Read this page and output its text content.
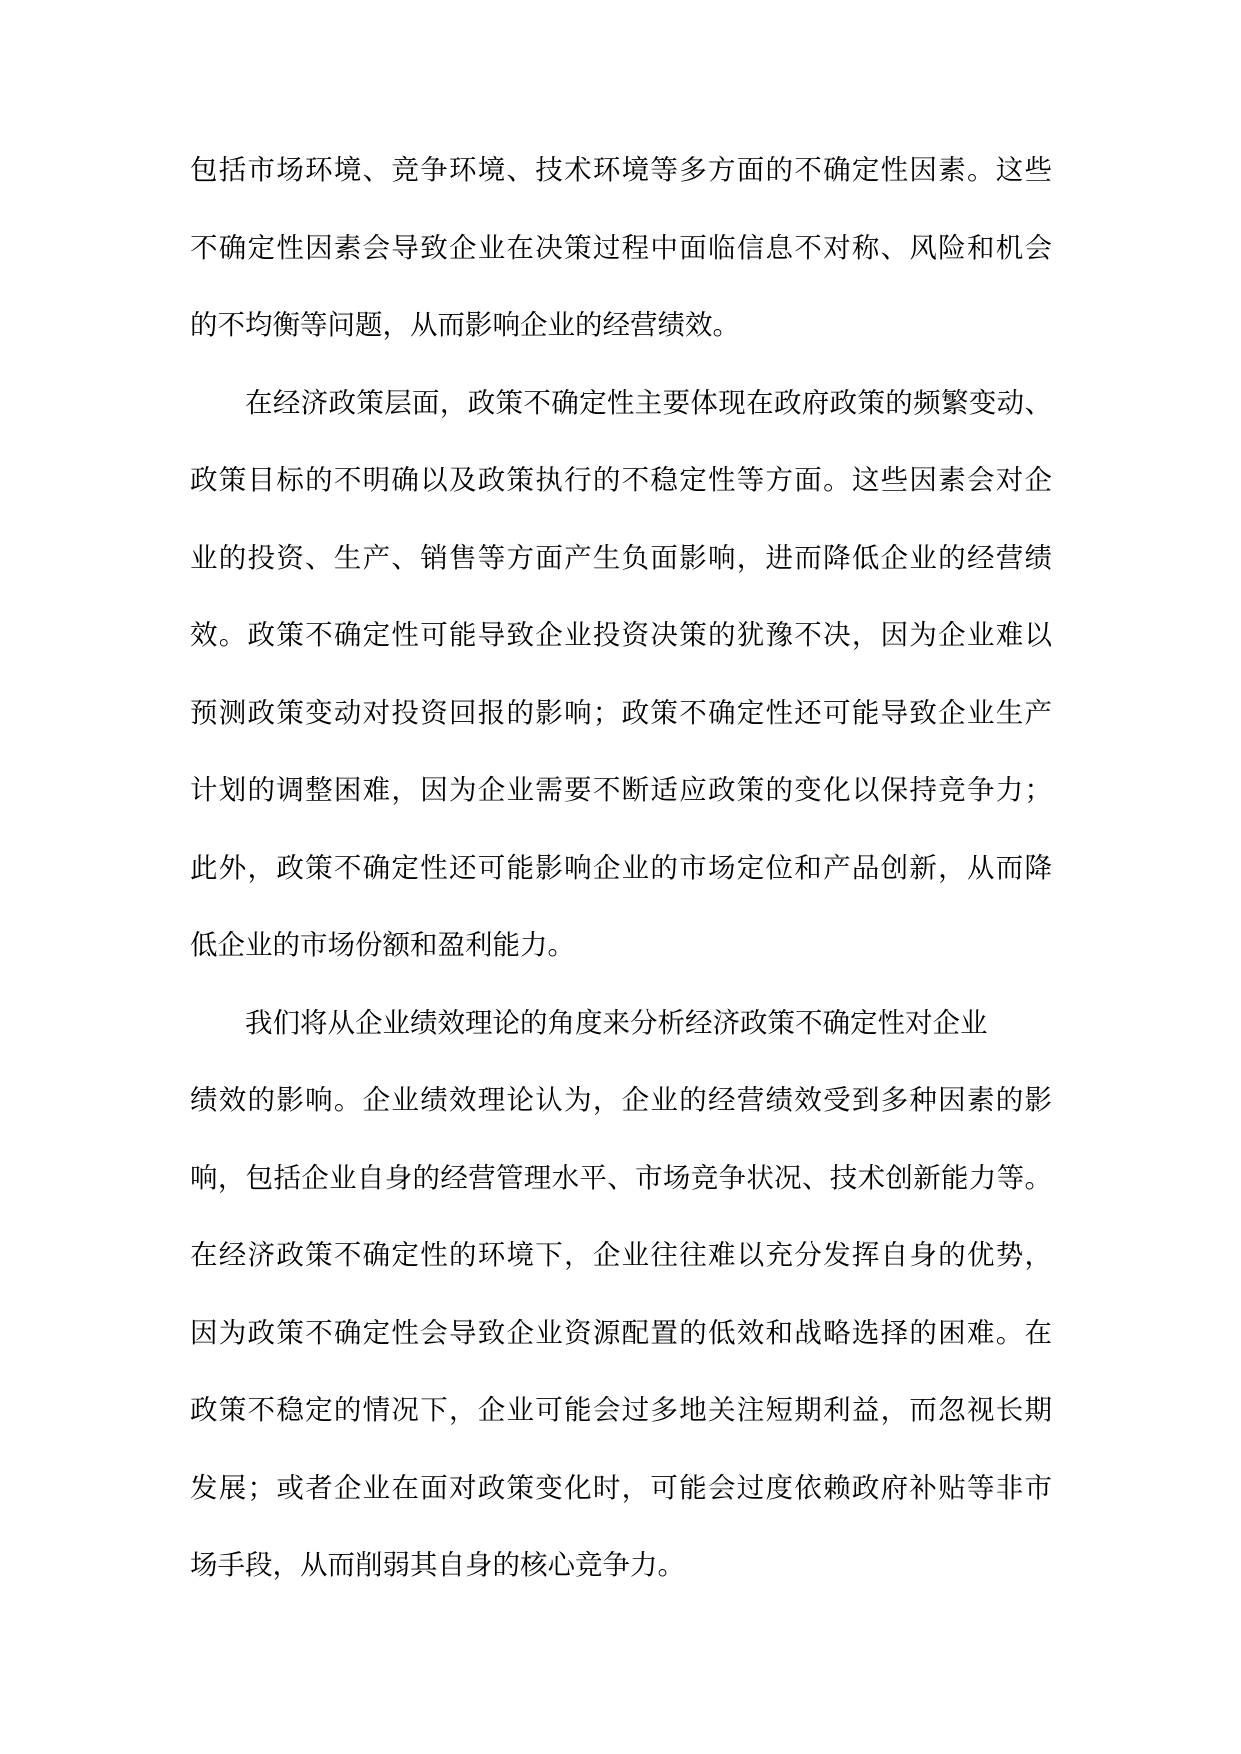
包括市场环境、竞争环境、技术环境等多方面的不确定性因素。这些
不确定性因素会导致企业在决策过程中面临信息不对称、风险和机会
的不均衡等问题，从而影响企业的经营绩效。
在经济政策层面，政策不确定性主要体现在政府政策的频繁变动、
政策目标的不明确以及政策执行的不稳定性等方面。这些因素会对企
业的投资、生产、销售等方面产生负面影响，进而降低企业的经营绩
效。政策不确定性可能导致企业投资决策的犹豫不决，因为企业难以
预测政策变动对投资回报的影响；政策不确定性还可能导致企业生产
计划的调整困难，因为企业需要不断适应政策的变化以保持竞争力；
此外，政策不确定性还可能影响企业的市场定位和产品创新，从而降
低企业的市场份额和盈利能力。
我们将从企业绩效理论的角度来分析经济政策不确定性对企业
绩效的影响。企业绩效理论认为，企业的经营绩效受到多种因素的影
响，包括企业自身的经营管理水平、市场竞争状况、技术创新能力等。
在经济政策不确定性的环境下，企业往往难以充分发挥自身的优势，
因为政策不确定性会导致企业资源配置的低效和战略选择的困难。在
政策不稳定的情况下，企业可能会过多地关注短期利益，而忽视长期
发展；或者企业在面对政策变化时，可能会过度依赖政府补贴等非市
场手段，从而削弱其自身的核心竞争力。
